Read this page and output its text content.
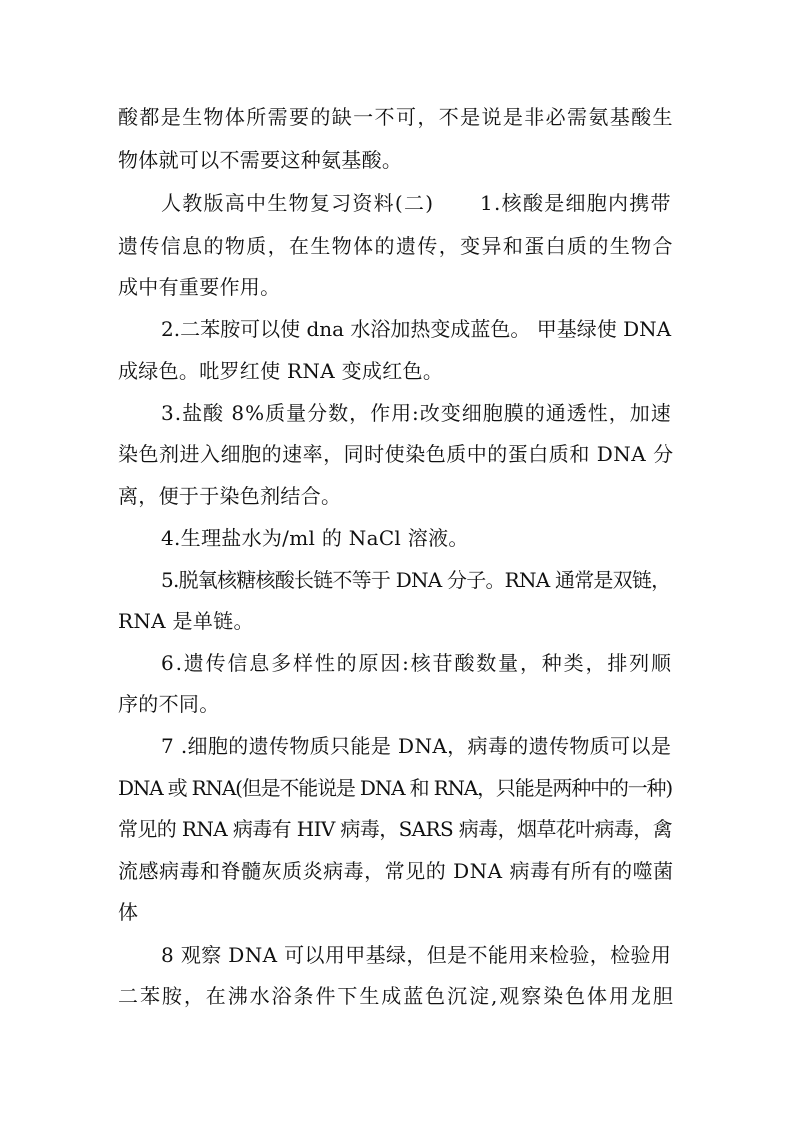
酸都是生物体所需要的缺一不可，不是说是非必需氨基酸生
物体就可以不需要这种氨基酸。
人教版高中生物复习资料(二)      1.核酸是细胞内携带
遗传信息的物质，在生物体的遗传，变异和蛋白质的生物合
成中有重要作用。
2.二苯胺可以使 dna 水浴加热变成蓝色。 甲基绿使 DNA
成绿色。吡罗红使 RNA 变成红色。
3.盐酸 8%质量分数，作用:改变细胞膜的通透性，加速
染色剂进入细胞的速率，同时使染色质中的蛋白质和 DNA 分
离，便于于染色剂结合。
4.生理盐水为/ml 的 NaCl 溶液。
5.脱氧核糖核酸长链不等于 DNA 分子。RNA 通常是双链，
RNA 是单链。
6.遗传信息多样性的原因:核苷酸数量，种类，排列顺
序的不同。
7 .细胞的遗传物质只能是 DNA，病毒的遗传物质可以是
DNA 或 RNA(但是不能说是 DNA 和 RNA，只能是两种中的一种)
常见的 RNA 病毒有 HIV 病毒，SARS 病毒，烟草花叶病毒，禽
流感病毒和脊髓灰质炎病毒，常见的 DNA 病毒有所有的噬菌
体
8 观察 DNA 可以用甲基绿，但是不能用来检验，检验用
二苯胺，在沸水浴条件下生成蓝色沉淀,观察染色体用龙胆
